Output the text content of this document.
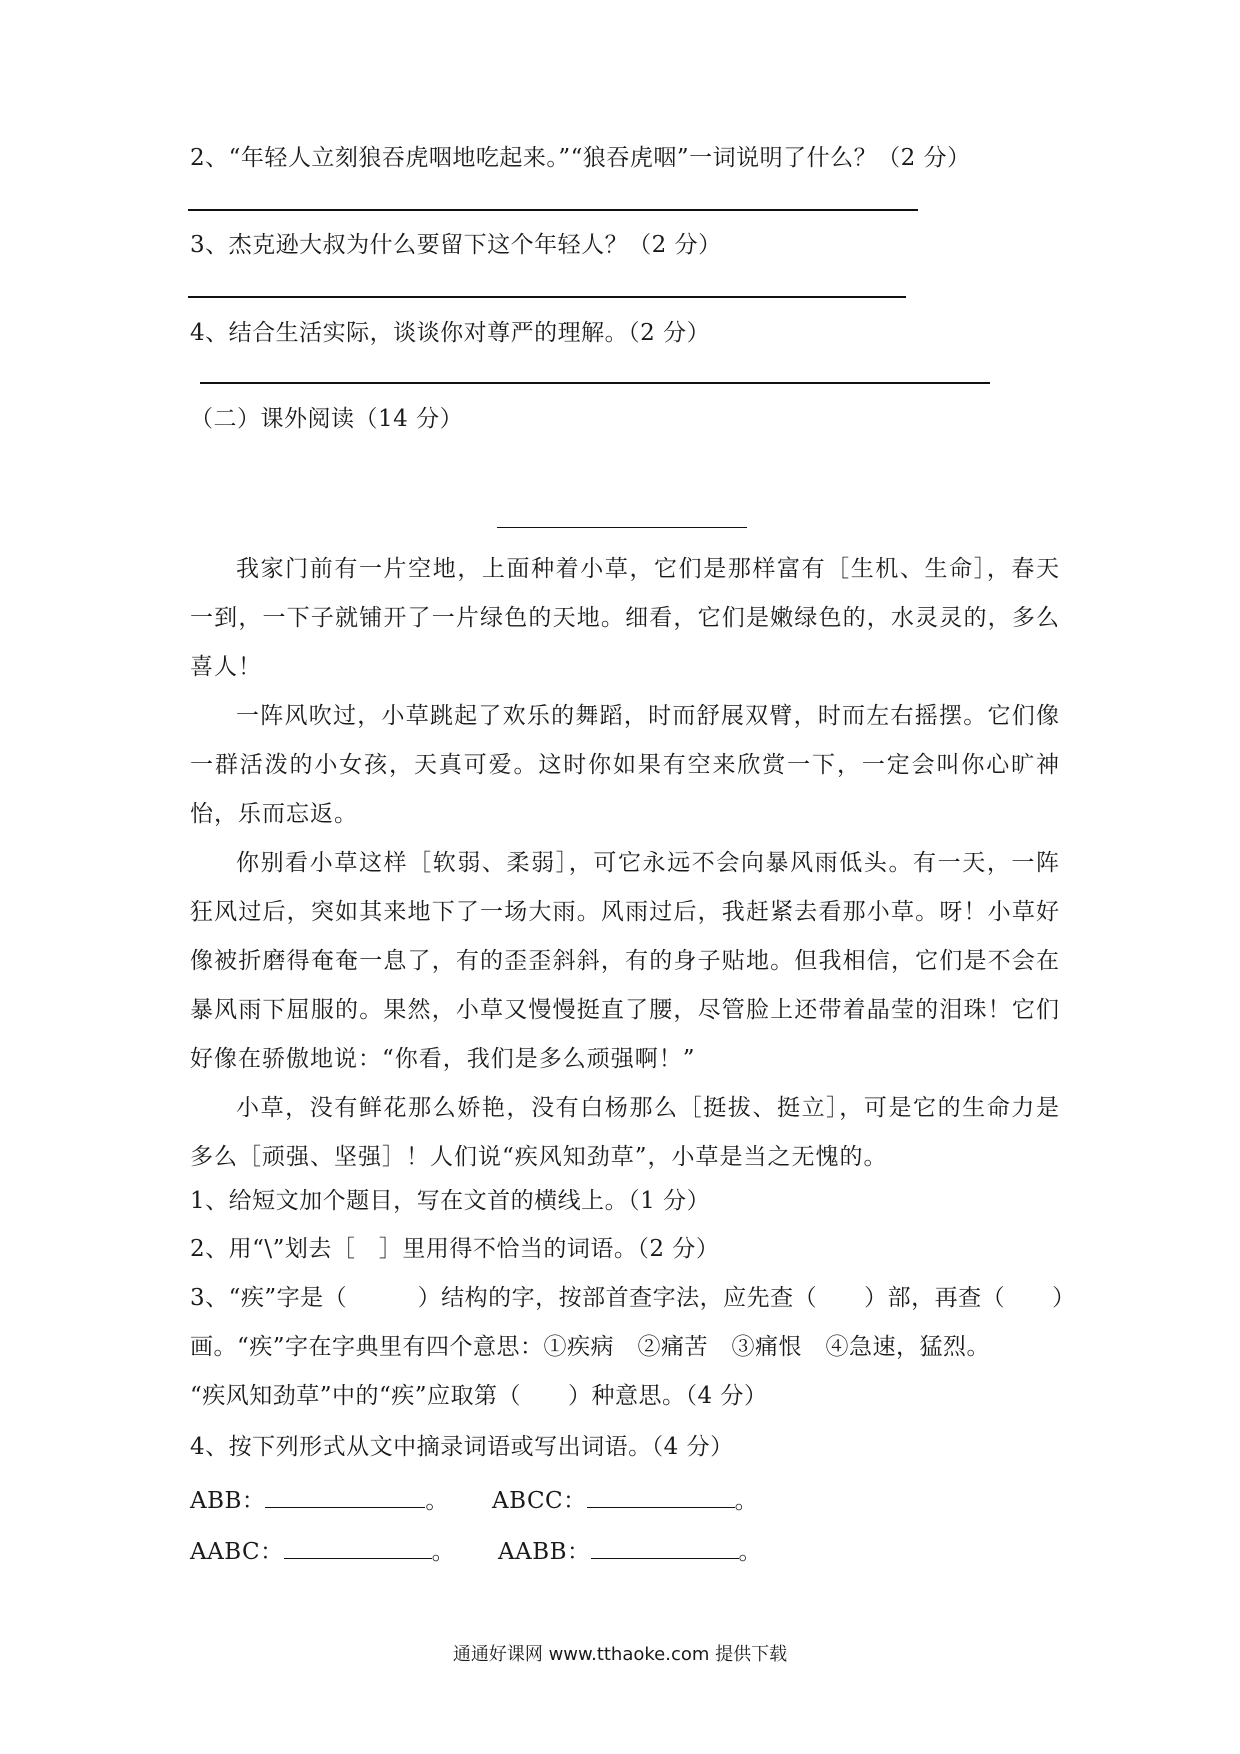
2、“年轻人立刻狼吞虎咽地吃起来。”“狼吞虎咽”一词说明了什么？（2 分）
3、杰克逊大叔为什么要留下这个年轻人？（2 分）
4、结合生活实际，谈谈你对尊严的理解。（2 分）
（二）课外阅读（14 分）

我家门前有一片空地，上面种着小草，它们是那样富有［生机、生命］，春天一到，一下子就铺开了一片绿色的天地。细看，它们是嫩绿色的，水灵灵的，多么喜人！

一阵风吹过，小草跳起了欢乐的舞蹈，时而舒展双臂，时而左右摇摆。它们像一群活泼的小女孩，天真可爱。这时你如果有空来欣赏一下，一定会叫你心旷神怡，乐而忘返。

你别看小草这样［软弱、柔弱］，可它永远不会向暴风雨低头。有一天，一阵狂风过后，突如其来地下了一场大雨。风雨过后，我赶紧去看那小草。呀！小草好像被折磨得奄奄一息了，有的歪歪斜斜，有的身子贴地。但我相信，它们是不会在暴风雨下屈服的。果然，小草又慢慢挺直了腰，尽管脸上还带着晶莹的泪珠！它们好像在骄傲地说：“你看，我们是多么顽强啊！”

小草，没有鲜花那么娇艳，没有白杨那么［挺拔、挺立］，可是它的生命力是多么［顽强、坚强］！人们说“疾风知劲草”，小草是当之无愧的。

1、给短文加个题目，写在文首的横线上。（1 分）
2、用“\”划去［　］里用得不恰当的词语。（2 分）
3、“疾”字是（　　　）结构的字，按部首查字法，应先查（　　）部，再查（　　）
画。“疾”字在字典里有四个意思：①疾病　②痛苦　③痛恨　④急速，猛烈。
“疾风知劲草”中的“疾”应取第（　　）种意思。（4 分）
4、按下列形式从文中摘录词语或写出词语。（4 分）
ABB：	。 ABCC：	。
AABC：	。 AABB：	。
通通好课网 www.tthaoke.com 提供下载
